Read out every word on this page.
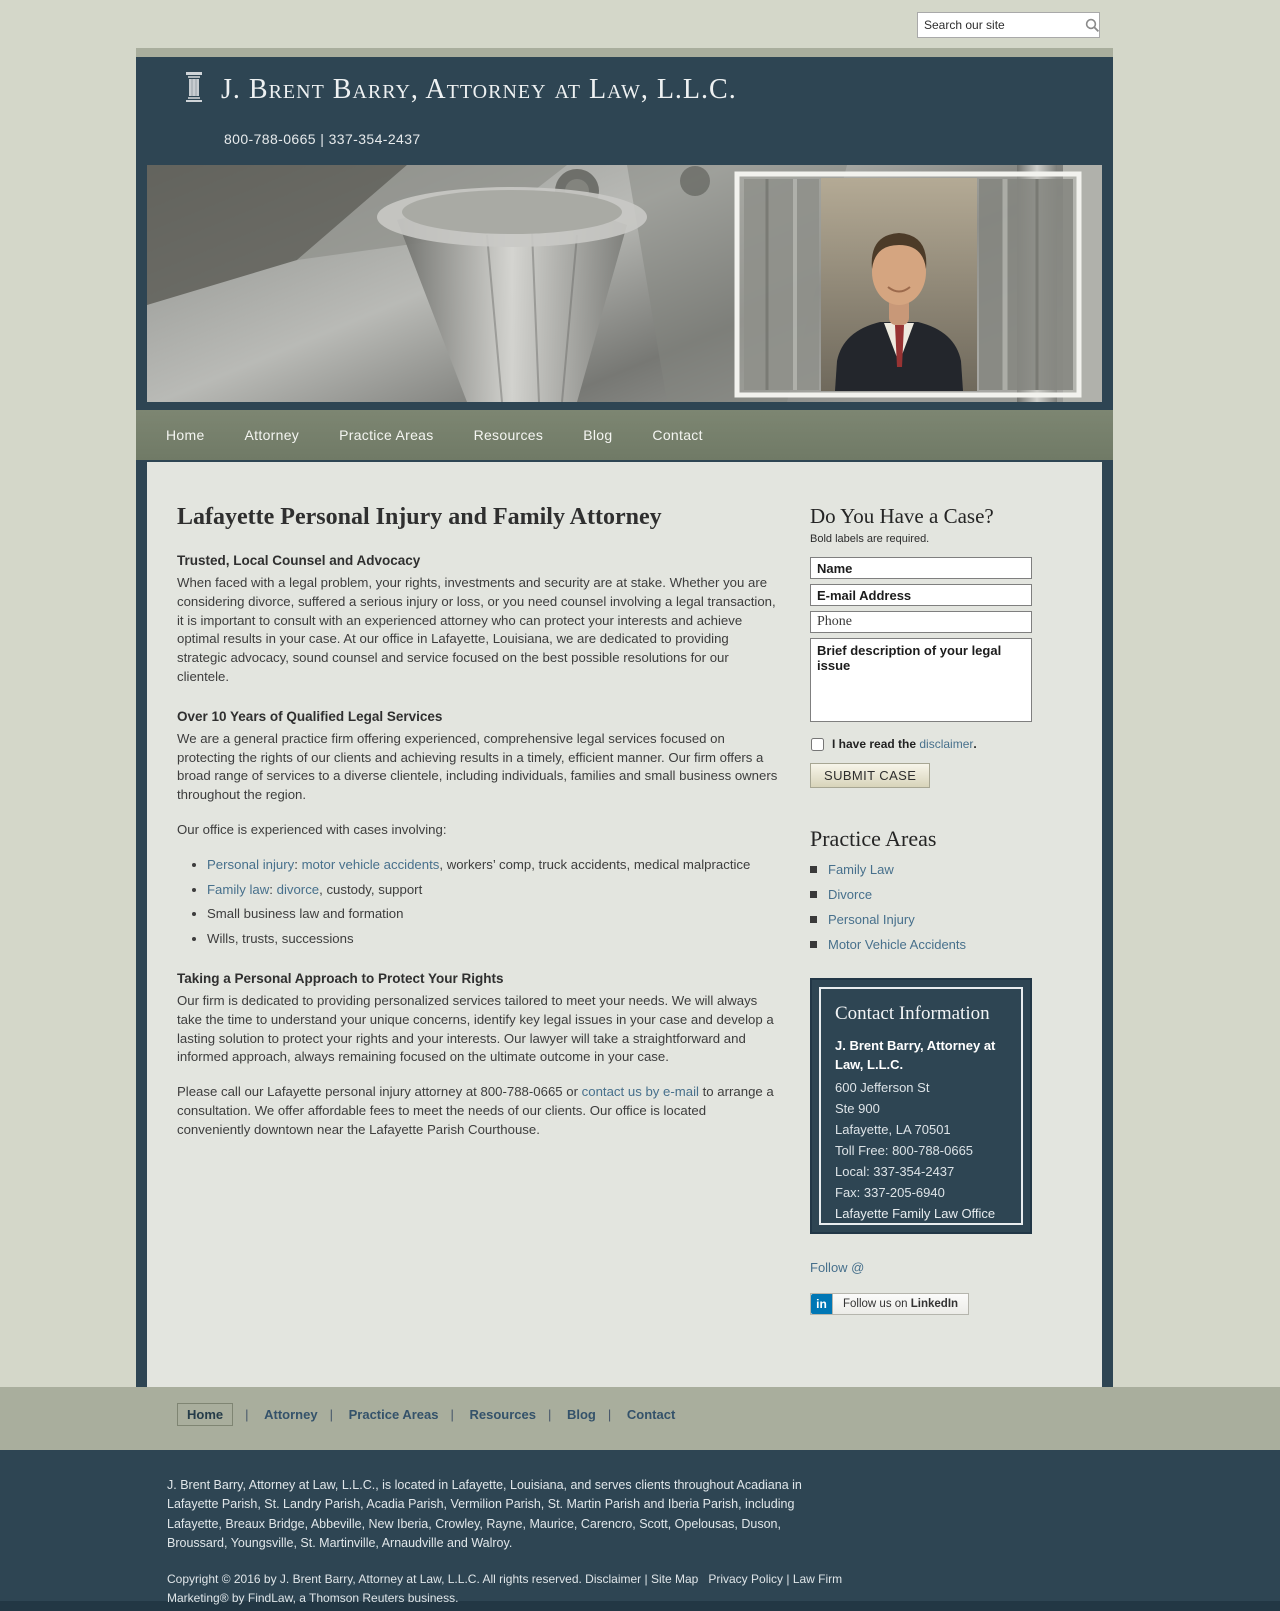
Search our site
J. Brent Barry, Attorney at Law, L.L.C.
800-788-0665 | 337-354-2437
Home	Attorney	Practice Areas	Resources	Blog	Contact
Lafayette Personal Injury and Family Attorney
Trusted, Local Counsel and Advocacy

When faced with a legal problem, your rights, investments and security are at stake. Whether you are considering divorce, suffered a serious injury or loss, or you need counsel involving a legal transaction, it is important to consult with an experienced attorney who can protect your interests and achieve optimal results in your case. At our office in Lafayette, Louisiana, we are dedicated to providing strategic advocacy, sound counsel and service focused on the best possible resolutions for our clientele.

Over 10 Years of Qualified Legal Services

We are a general practice firm offering experienced, comprehensive legal services focused on protecting the rights of our clients and achieving results in a timely, efficient manner. Our firm offers a broad range of services to a diverse clientele, including individuals, families and small business owners throughout the region.

Our office is experienced with cases involving:

• Personal injury: motor vehicle accidents, workers’ comp, truck accidents, medical malpractice
• Family law: divorce, custody, support
• Small business law and formation
• Wills, trusts, successions
Taking a Personal Approach to Protect Your Rights

Our firm is dedicated to providing personalized services tailored to meet your needs. We will always take the time to understand your unique concerns, identify key legal issues in your case and develop a lasting solution to protect your rights and your interests. Our lawyer will take a straightforward and informed approach, always remaining focused on the ultimate outcome in your case.

Please call our Lafayette personal injury attorney at 800-788-0665 or contact us by e-mail to arrange a consultation. We offer affordable fees to meet the needs of our clients. Our office is located conveniently downtown near the Lafayette Parish Courthouse.

Do You Have a Case?

Bold labels are required.

Name E-mail Address Phone Brief description of your legal issue
I have read the disclaimer.
SUBMIT CASE
Practice Areas
Family Law
Divorce
Personal Injury
Motor Vehicle Accidents
Contact Information

J. Brent Barry, Attorney at Law, L.L.C.

600 Jefferson St
Ste 900
Lafayette, LA 70501
Toll Free: 800-788-0665
Local: 337-354-2437
Fax: 337-205-6940
Lafayette Family Law Office
Follow @

in	Follow us on LinkedIn
Home | Attorney | Practice Areas | Resources | Blog | Contact

J. Brent Barry, Attorney at Law, L.L.C., is located in Lafayette, Louisiana, and serves clients throughout Acadiana in Lafayette Parish, St. Landry Parish, Acadia Parish, Vermilion Parish, St. Martin Parish and Iberia Parish, including Lafayette, Breaux Bridge, Abbeville, New Iberia, Crowley, Rayne, Maurice, Carencro, Scott, Opelousas, Duson, Broussard, Youngsville, St. Martinville, Arnaudville and Walroy.

Copyright © 2016 by J. Brent Barry, Attorney at Law, L.L.C. All rights reserved. Disclaimer | Site Map Privacy Policy | Law Firm Marketing® by FindLaw, a Thomson Reuters business.
